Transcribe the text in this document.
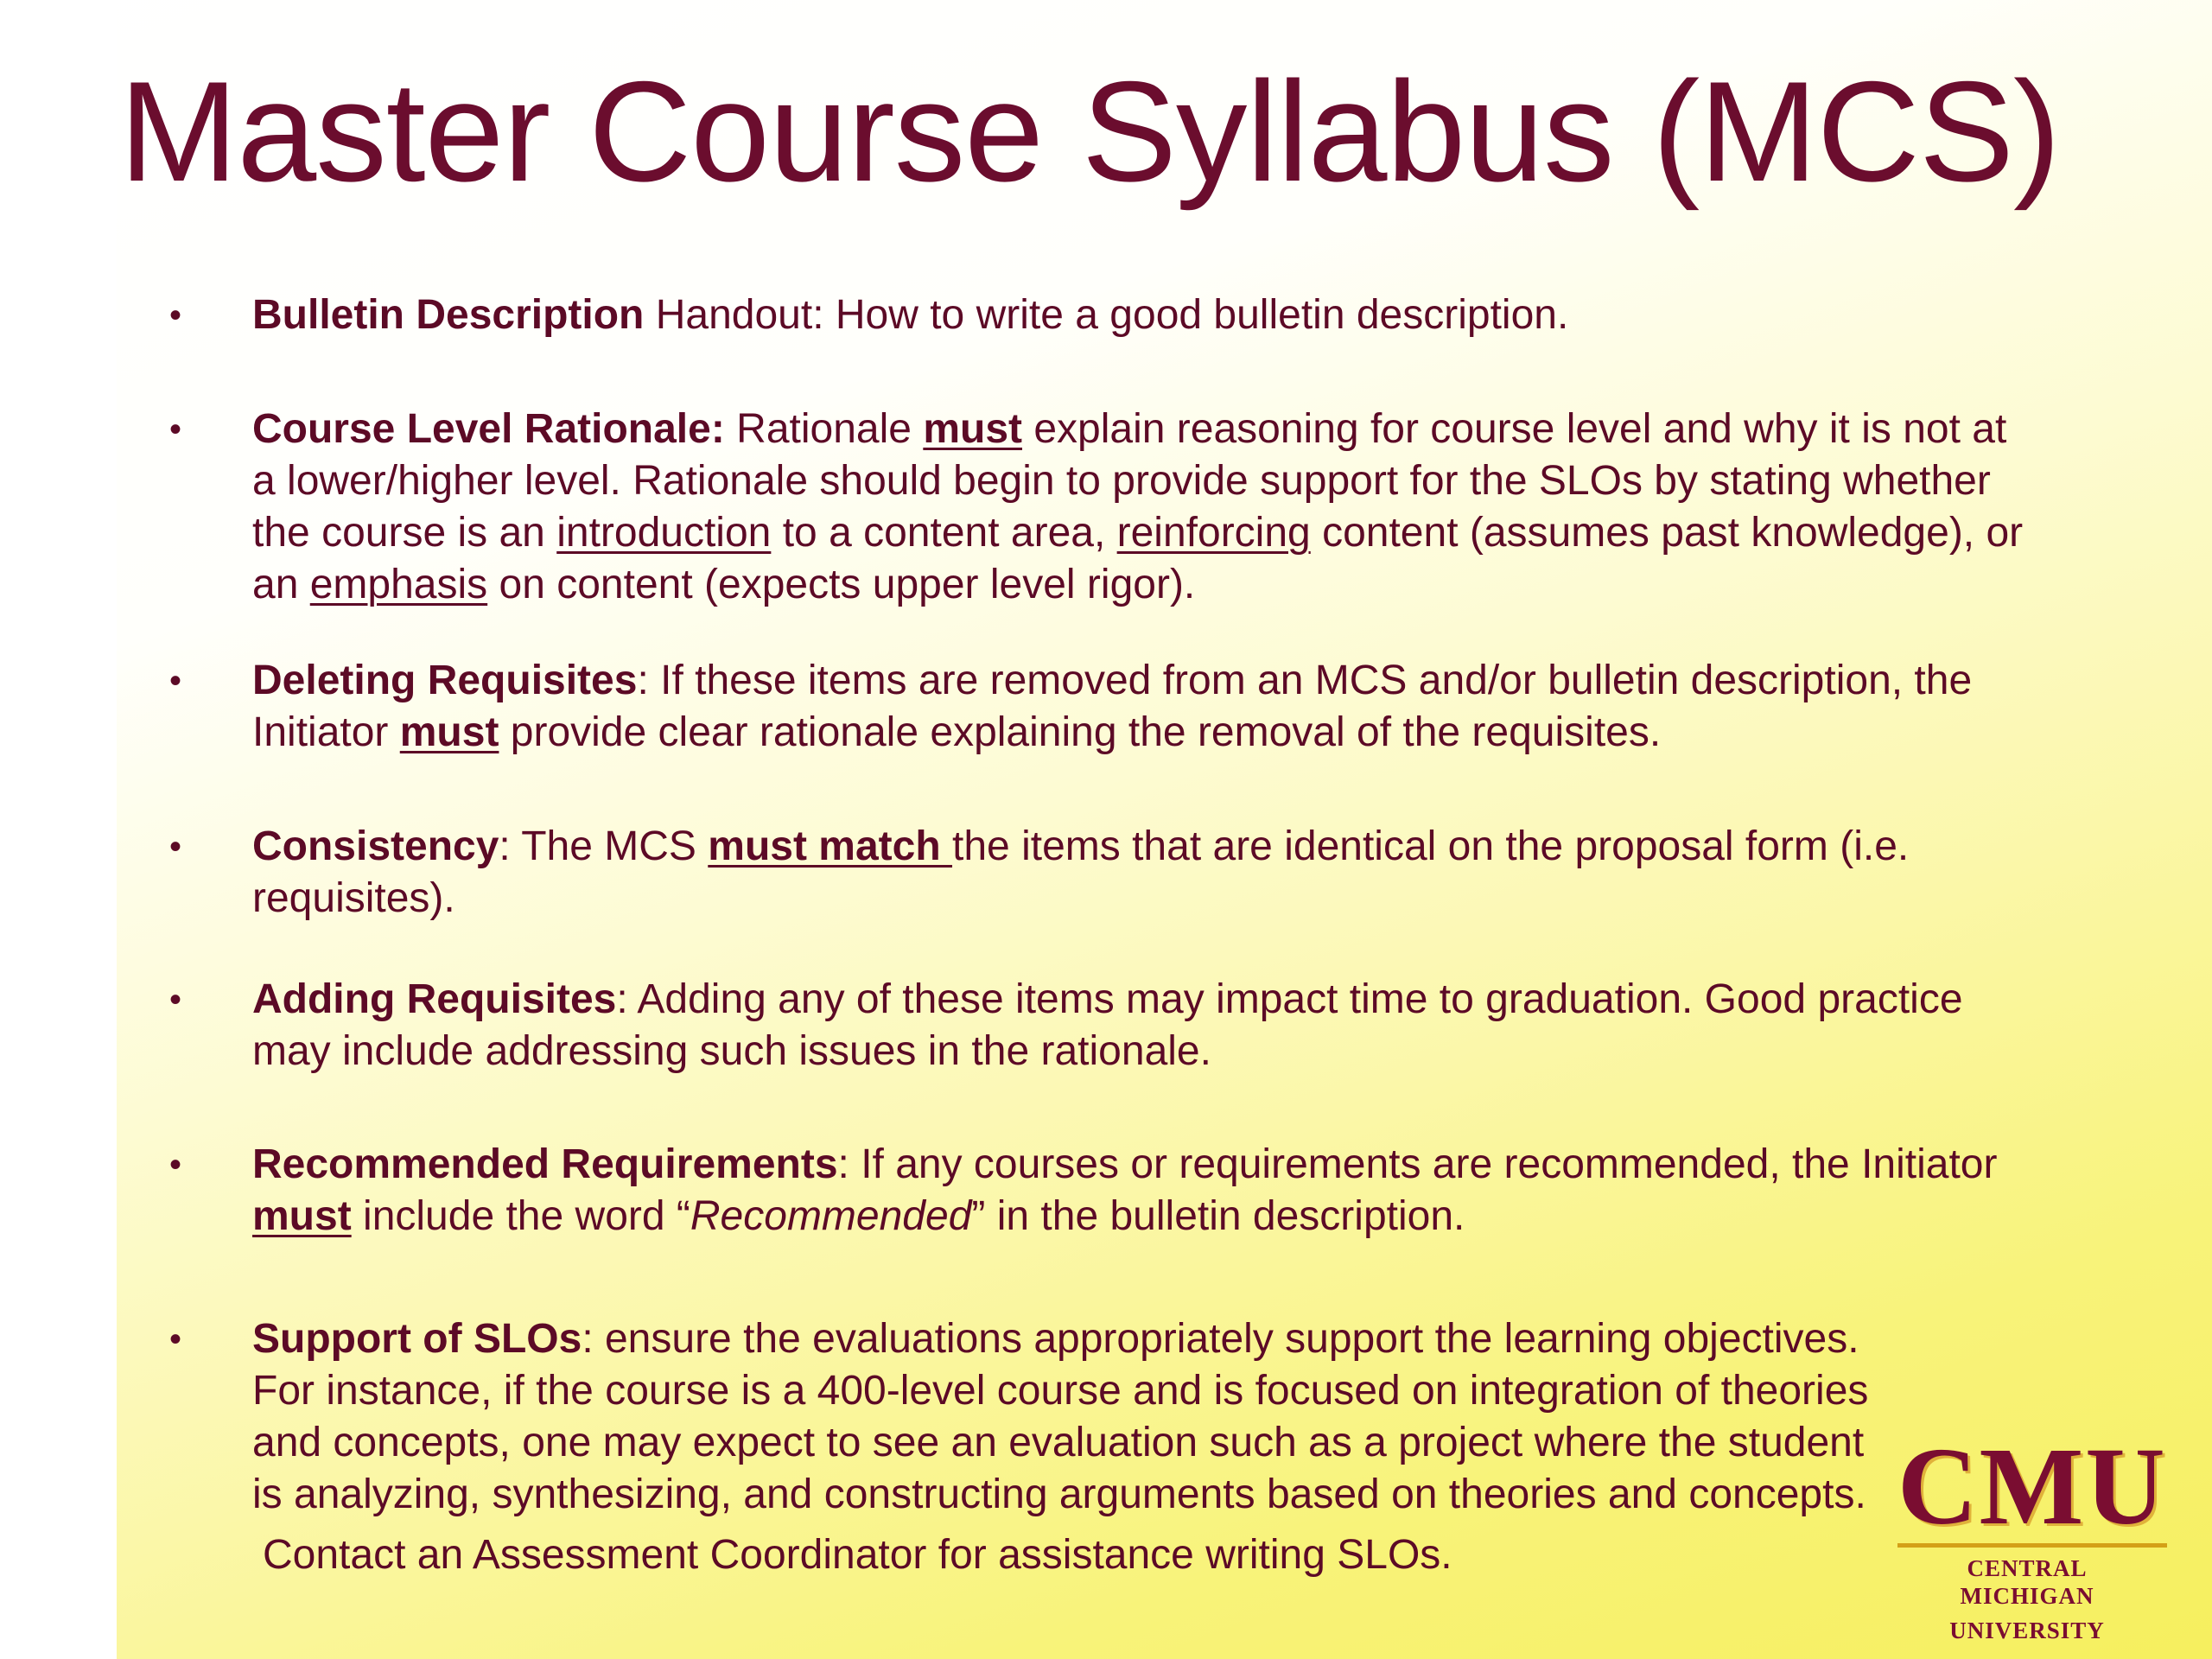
Master Course Syllabus (MCS)
•	Bulletin Description Handout: How to write a good bulletin description.
•	Course Level Rationale: Rationale must explain reasoning for course level and why it is not at a lower/higher level. Rationale should begin to provide support for the SLOs by stating whether the course is an introduction to a content area, reinforcing content (assumes past knowledge), or an emphasis on content (expects upper level rigor).
•	Deleting Requisites: If these items are removed from an MCS and/or bulletin description, the Initiator must provide clear rationale explaining the removal of the requisites.
•	Consistency: The MCS must match the items that are identical on the proposal form (i.e. requisites).
•	Adding Requisites: Adding any of these items may impact time to graduation. Good practice may include addressing such issues in the rationale.
•	Recommended Requirements: If any courses or requirements are recommended, the Initiator must include the word “Recommended” in the bulletin description.
•	Support of SLOs: ensure the evaluations appropriately support the learning objectives. For instance, if the course is a 400-level course and is focused on integration of theories and concepts, one may expect to see an evaluation such as a project where the student is analyzing, synthesizing, and constructing arguments based on theories and concepts.
Contact an Assessment Coordinator for assistance writing SLOs.
CMU
CENTRAL MICHIGAN
UNIVERSITY
